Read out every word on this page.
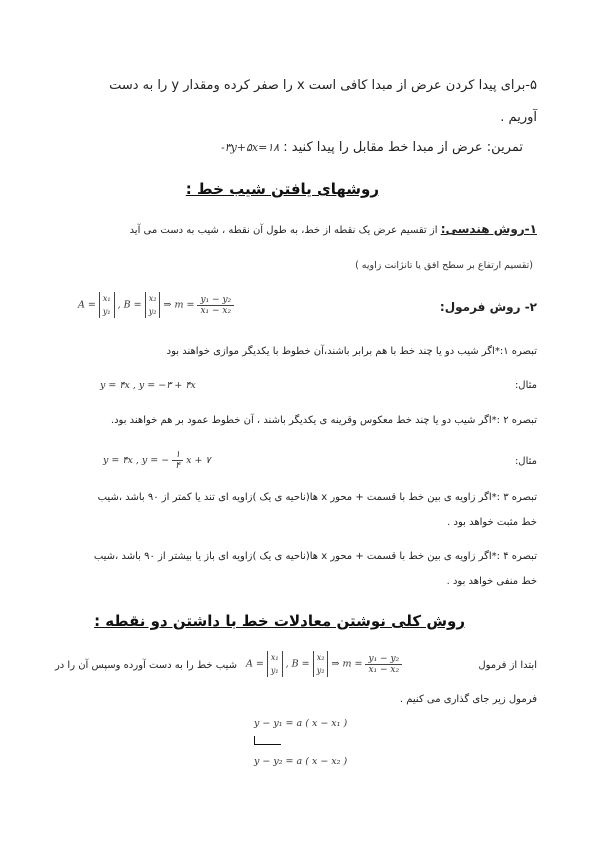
۵-برای پیدا کردن عرض از مبدا کافی است x را صفر کرده ومقدار y را به دست
آوریم .
تمرین: عرض از مبدا خط مقابل را پیدا کنید : ۳y+۵x=۱۸-
روشهای یافتن شیب خط :
۱-روش هندسی: از تقسیم عرض یک نقطه از خط، به طول آن نقطه ، شیب به دست می آید
(تقسیم ارتفاع بر سطح افق یا تانژانت زاویه )
۲- روش فرمول:
A =
x₁
y₁
, B =
x₂
y₂
⇒ $m = \frac{\text{y₁ − y₂}}{\text{x₁ − x₂}}$
تبصره ۱:*اگر شیب دو یا چند خط با هم برابر باشند،آن خطوط با یکدیگر موازی خواهند بود
مثال:
y = ۴x , y = −۳ + ۴x
تبصره ۲ :*اگر شیب دو یا چند خط معکوس وقرینه ی یکدیگر باشند ، آن خطوط عمود بر هم خواهند بود.
مثال:
y = ۴x , y = − $\frac{۱}{۴}$ x + ۷
تبصره ۳ :*اگر زاویه ی بین خط با قسمت + محور x ها(ناحیه ی یک )زاویه ای تند یا کمتر از ۹۰ باشد ،شیب
خط مثبت خواهد بود .
تبصره ۴ :*اگر زاویه ی بین خط با قسمت + محور x ها(ناحیه ی یک )زاویه ای باز یا بیشتر از ۹۰ باشد ،شیب
خط منفی خواهد بود .
روش کلی نوشتن معادلات خط با داشتن دو نقطه :
ابتدا از فرمول
A =
x₁
y₁
, B =
x₂
y₂
⇒ $m = \frac{\text{y₁ − y₂}}{\text{x₁ − x₂}}$
شیب خط را به دست آورده وسپس آن را در
فرمول زیر جای گذاری می کنیم .
y − y₁ = a ( x − x₁ )
y − y₂ = a ( x − x₂ )
